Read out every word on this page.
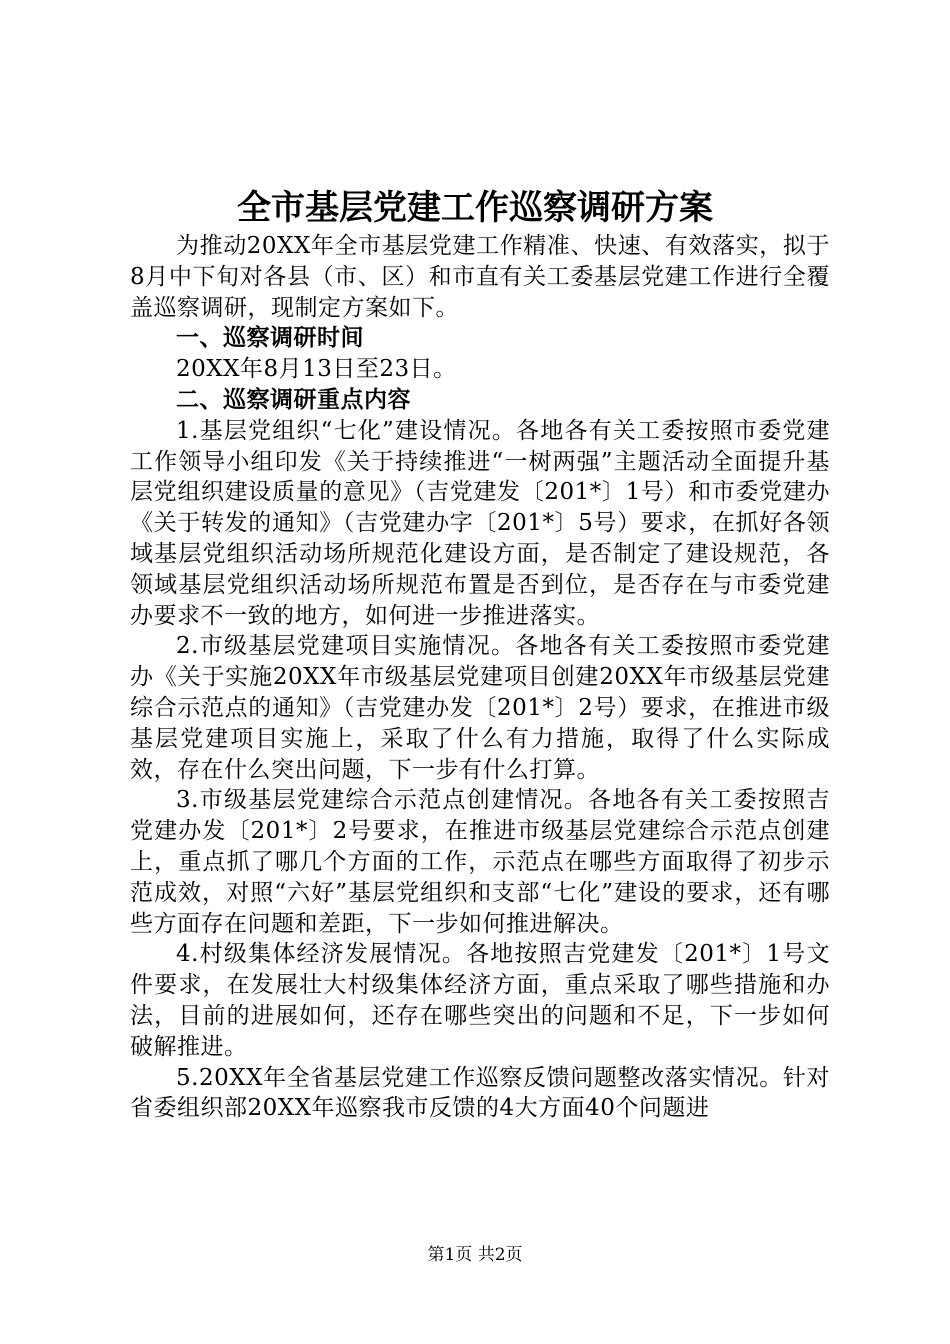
全市基层党建工作巡察调研方案

为推动20XX年全市基层党建工作精准、快速、有效落实，拟于8月中下旬对各县（市、区）和市直有关工委基层党建工作进行全覆盖巡察调研，现制定方案如下。

一、巡察调研时间

20XX年8月13日至23日。

二、巡察调研重点内容

1.基层党组织“七化”建设情况。各地各有关工委按照市委党建工作领导小组印发《关于持续推进“一树两强”主题活动全面提升基层党组织建设质量的意见》（吉党建发〔201*〕1号）和市委党建办《关于转发的通知》（吉党建办字〔201*〕5号）要求，在抓好各领域基层党组织活动场所规范化建设方面，是否制定了建设规范，各领域基层党组织活动场所规范布置是否到位，是否存在与市委党建办要求不一致的地方，如何进一步推进落实。

2.市级基层党建项目实施情况。各地各有关工委按照市委党建办《关于实施20XX年市级基层党建项目创建20XX年市级基层党建综合示范点的通知》（吉党建办发〔201*〕2号）要求，在推进市级基层党建项目实施上，采取了什么有力措施，取得了什么实际成效，存在什么突出问题，下一步有什么打算。

3.市级基层党建综合示范点创建情况。各地各有关工委按照吉党建办发〔201*〕2号要求，在推进市级基层党建综合示范点创建上，重点抓了哪几个方面的工作，示范点在哪些方面取得了初步示范成效，对照“六好”基层党组织和支部“七化”建设的要求，还有哪些方面存在问题和差距，下一步如何推进解决。

4.村级集体经济发展情况。各地按照吉党建发〔201*〕1号文件要求，在发展壮大村级集体经济方面，重点采取了哪些措施和办法，目前的进展如何，还存在哪些突出的问题和不足，下一步如何破解推进。

5.20XX年全省基层党建工作巡察反馈问题整改落实情况。针对省委组织部20XX年巡察我市反馈的4大方面40个问题进

第1页 共2页
